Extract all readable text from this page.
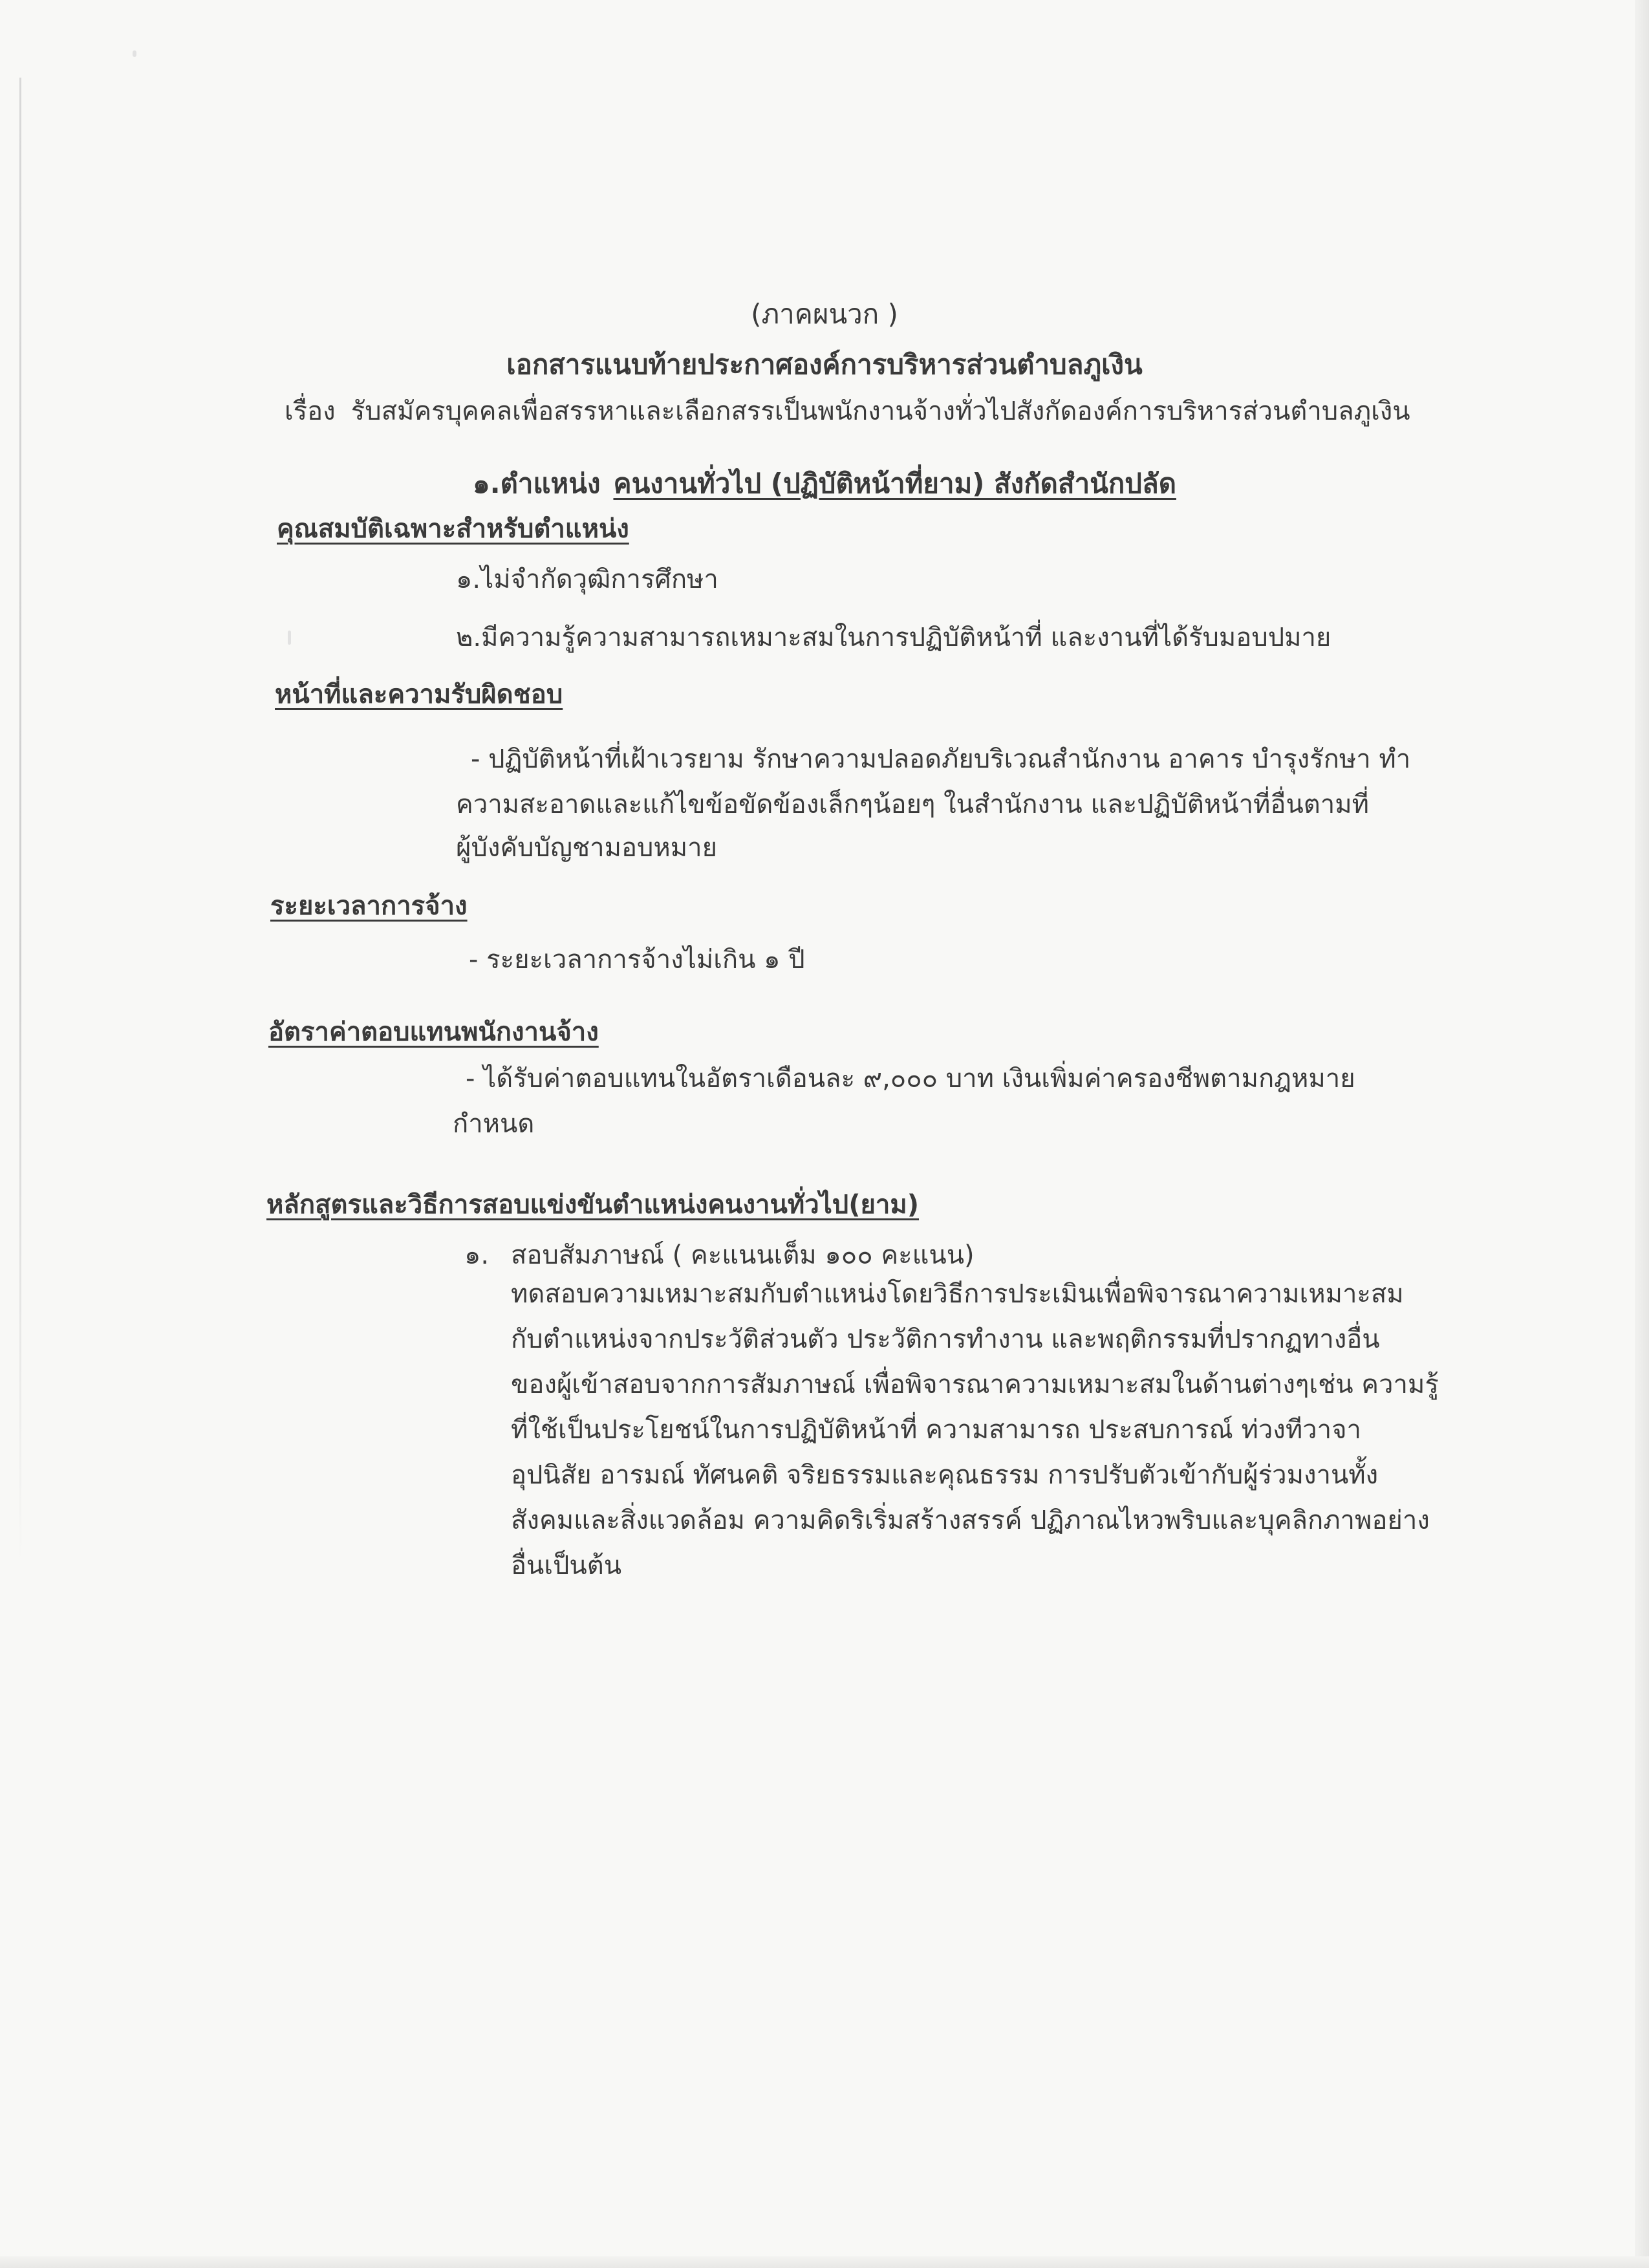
(ภาคผนวก )
เอกสารแนบท้ายประกาศองค์การบริหารส่วนตำบลภูเงิน
เรื่อง รับสมัครบุคคลเพื่อสรรหาและเลือกสรรเป็นพนักงานจ้างทั่วไปสังกัดองค์การบริหารส่วนตำบลภูเงิน
๑.ตำแหน่ง คนงานทั่วไป (ปฏิบัติหน้าที่ยาม) สังกัดสำนักปลัด
คุณสมบัติเฉพาะสำหรับตำแหน่ง
๑.ไม่จำกัดวุฒิการศึกษา
๒.มีความรู้ความสามารถเหมาะสมในการปฏิบัติหน้าที่ และงานที่ได้รับมอบปมาย
หน้าที่และความรับผิดชอบ
- ปฏิบัติหน้าที่เฝ้าเวรยาม รักษาความปลอดภัยบริเวณสำนักงาน อาคาร บำรุงรักษา ทำ
ความสะอาดและแก้ไขข้อขัดข้องเล็กๆน้อยๆ ในสำนักงาน และปฏิบัติหน้าที่อื่นตามที่
ผู้บังคับบัญชามอบหมาย
ระยะเวลาการจ้าง
- ระยะเวลาการจ้างไม่เกิน ๑ ปี
อัตราค่าตอบแทนพนักงานจ้าง
- ได้รับค่าตอบแทนในอัตราเดือนละ ๙,๐๐๐ บาท เงินเพิ่มค่าครองชีพตามกฎหมาย
กำหนด
หลักสูตรและวิธีการสอบแข่งขันตำแหน่งคนงานทั่วไป(ยาม)
๑. สอบสัมภาษณ์ ( คะแนนเต็ม ๑๐๐ คะแนน)
ทดสอบความเหมาะสมกับตำแหน่งโดยวิธีการประเมินเพื่อพิจารณาความเหมาะสม
กับตำแหน่งจากประวัติส่วนตัว ประวัติการทำงาน และพฤติกรรมที่ปรากฏทางอื่น
ของผู้เข้าสอบจากการสัมภาษณ์ เพื่อพิจารณาความเหมาะสมในด้านต่างๆเช่น ความรู้
ที่ใช้เป็นประโยชน์ในการปฏิบัติหน้าที่ ความสามารถ ประสบการณ์ ท่วงทีวาจา
อุปนิสัย อารมณ์ ทัศนคติ จริยธรรมและคุณธรรม การปรับตัวเข้ากับผู้ร่วมงานทั้ง
สังคมและสิ่งแวดล้อม ความคิดริเริ่มสร้างสรรค์ ปฏิภาณไหวพริบและบุคลิกภาพอย่าง
อื่นเป็นต้น
